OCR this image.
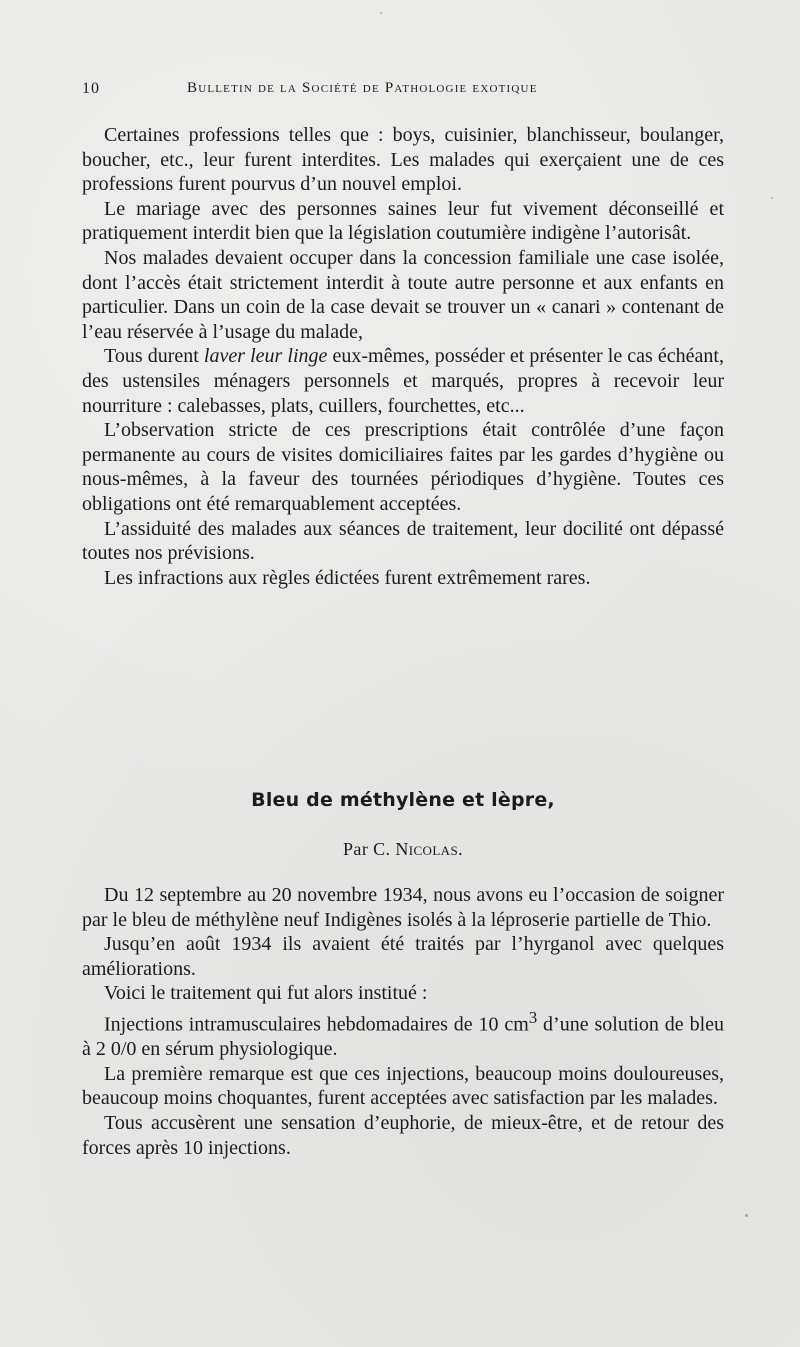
10	Bulletin de la Société de Pathologie exotique

Certaines professions telles que : boys, cuisinier, blanchisseur, boulanger, boucher, etc., leur furent interdites. Les malades qui exerçaient une de ces professions furent pourvus d’un nouvel emploi.

Le mariage avec des personnes saines leur fut vivement déconseillé et pratiquement interdit bien que la législation coutumière indigène l’autorisât.

Nos malades devaient occuper dans la concession familiale une case isolée, dont l’accès était strictement interdit à toute autre personne et aux enfants en particulier. Dans un coin de la case devait se trouver un « canari » contenant de l’eau réservée à l’usage du malade,

Tous durent laver leur linge eux-mêmes, posséder et présenter le cas échéant, des ustensiles ménagers personnels et marqués, propres à recevoir leur nourriture : calebasses, plats, cuillers, fourchettes, etc...

L’observation stricte de ces prescriptions était contrôlée d’une façon permanente au cours de visites domiciliaires faites par les gardes d’hygiène ou nous-mêmes, à la faveur des tournées périodiques d’hygiène. Toutes ces obligations ont été remarquablement acceptées.

L’assiduité des malades aux séances de traitement, leur docilité ont dépassé toutes nos prévisions.

Les infractions aux règles édictées furent extrêmement rares.

Bleu de méthylène et lèpre,
Par C. Nicolas.

Du 12 septembre au 20 novembre 1934, nous avons eu l’occasion de soigner par le bleu de méthylène neuf Indigènes isolés à la léproserie partielle de Thio.

Jusqu’en août 1934 ils avaient été traités par l’hyrganol avec quelques améliorations.

Voici le traitement qui fut alors institué :

Injections intramusculaires hebdomadaires de 10 $cm^3$ d’une solution de bleu à 2 0/0 en sérum physiologique.

La première remarque est que ces injections, beaucoup moins douloureuses, beaucoup moins choquantes, furent acceptées avec satisfaction par les malades.

Tous accusèrent une sensation d’euphorie, de mieux-être, et de retour des forces après 10 injections.
